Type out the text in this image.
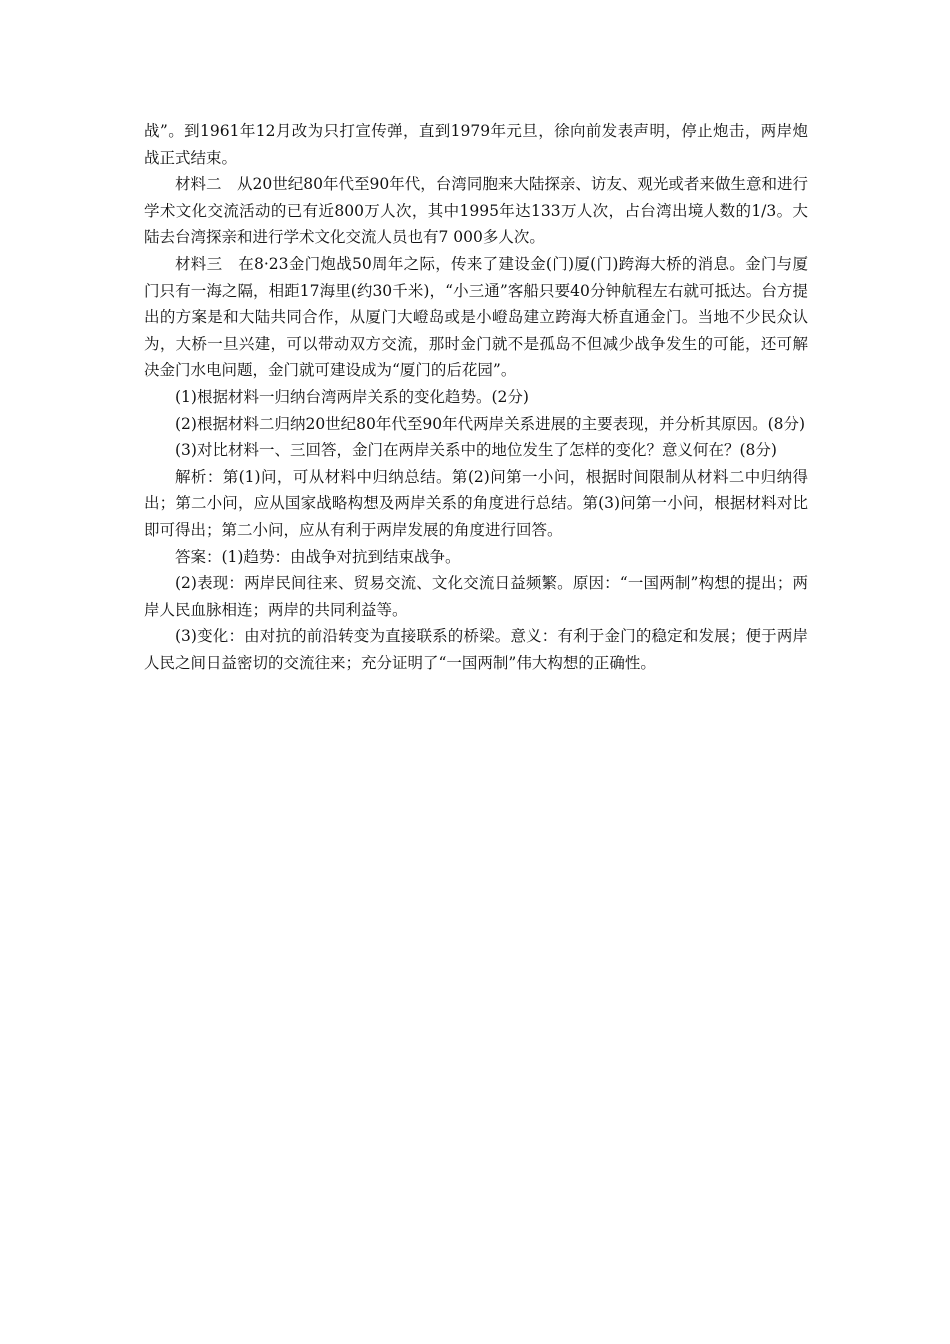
战”。到1961年12月改为只打宣传弹，直到1979年元旦，徐向前发表声明，停止炮击，两岸炮战正式结束。

材料二　从20世纪80年代至90年代，台湾同胞来大陆探亲、访友、观光或者来做生意和进行学术文化交流活动的已有近800万人次，其中1995年达133万人次，占台湾出境人数的1/3。大陆去台湾探亲和进行学术文化交流人员也有7 000多人次。

材料三　在8·23金门炮战50周年之际，传来了建设金(门)厦(门)跨海大桥的消息。金门与厦门只有一海之隔，相距17海里(约30千米)，“小三通”客船只要40分钟航程左右就可抵达。台方提出的方案是和大陆共同合作，从厦门大嶝岛或是小嶝岛建立跨海大桥直通金门。当地不少民众认为，大桥一旦兴建，可以带动双方交流，那时金门就不是孤岛不但减少战争发生的可能，还可解决金门水电问题，金门就可建设成为“厦门的后花园”。

(1)根据材料一归纳台湾两岸关系的变化趋势。(2分)

(2)根据材料二归纳20世纪80年代至90年代两岸关系进展的主要表现，并分析其原因。(8分)

(3)对比材料一、三回答，金门在两岸关系中的地位发生了怎样的变化？意义何在？(8分)

解析：第(1)问，可从材料中归纳总结。第(2)问第一小问，根据时间限制从材料二中归纳得出；第二小问，应从国家战略构想及两岸关系的角度进行总结。第(3)问第一小问，根据材料对比即可得出；第二小问，应从有利于两岸发展的角度进行回答。

答案：(1)趋势：由战争对抗到结束战争。

(2)表现：两岸民间往来、贸易交流、文化交流日益频繁。原因：“一国两制”构想的提出；两岸人民血脉相连；两岸的共同利益等。

(3)变化：由对抗的前沿转变为直接联系的桥梁。意义：有利于金门的稳定和发展；便于两岸人民之间日益密切的交流往来；充分证明了“一国两制”伟大构想的正确性。
